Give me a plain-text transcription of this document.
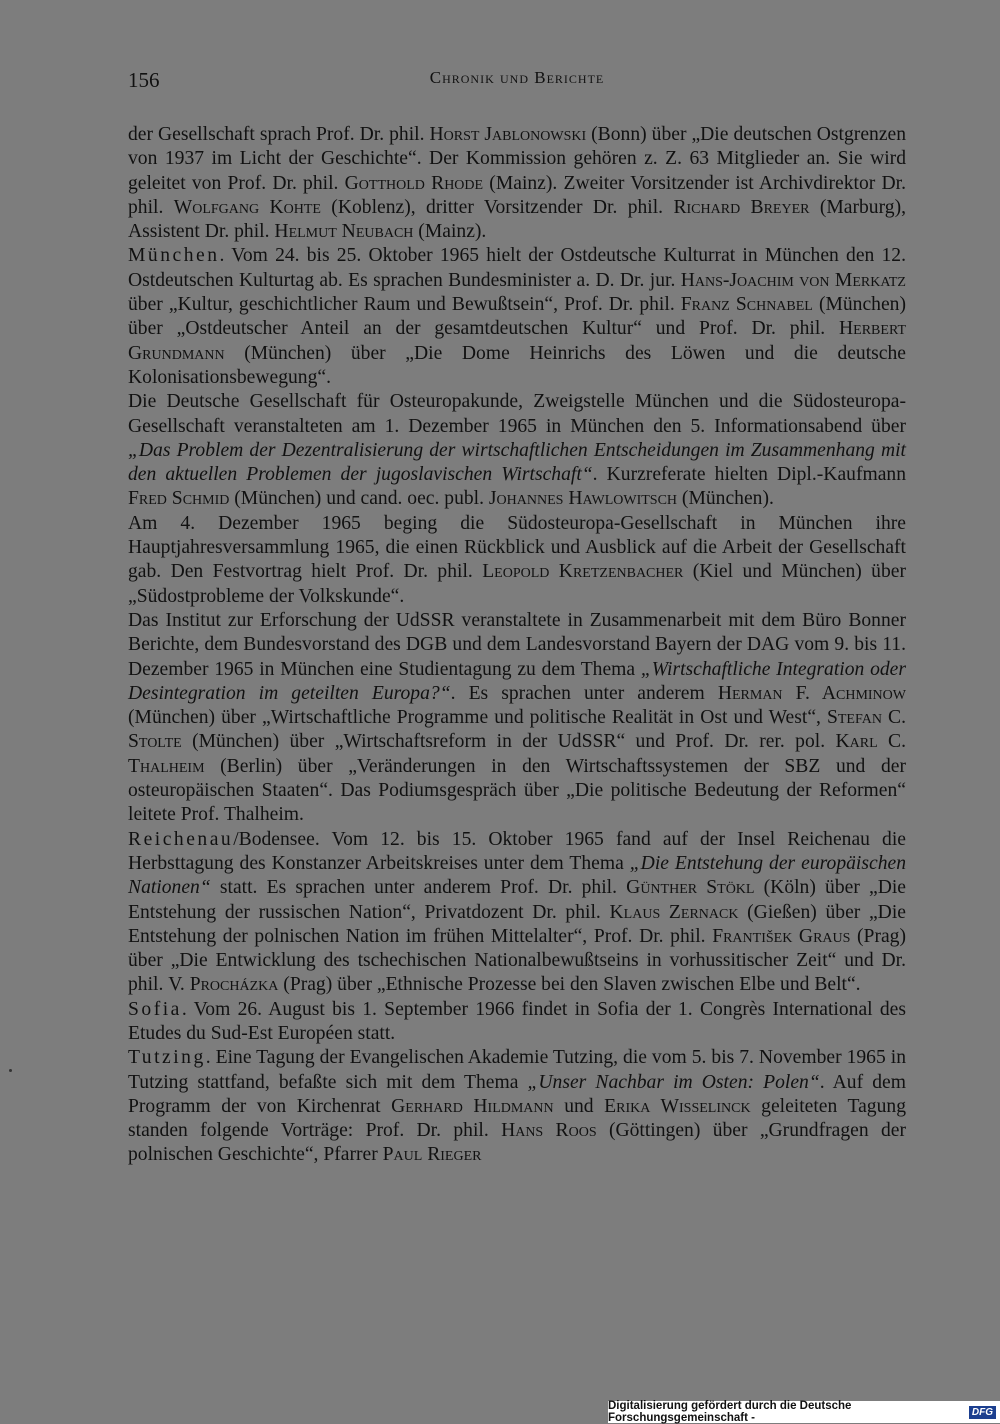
156	Chronik und Berichte

der Gesellschaft sprach Prof. Dr. phil. Horst Jablonowski (Bonn) über „Die deutschen Ostgrenzen von 1937 im Licht der Geschichte“. Der Kommission gehören z. Z. 63 Mitglieder an. Sie wird geleitet von Prof. Dr. phil. Gotthold Rhode (Mainz). Zweiter Vorsitzender ist Archivdirektor Dr. phil. Wolfgang Kohte (Koblenz), dritter Vorsitzender Dr. phil. Richard Breyer (Marburg), Assistent Dr. phil. Helmut Neubach (Mainz).

München. Vom 24. bis 25. Oktober 1965 hielt der Ostdeutsche Kulturrat in München den 12. Ostdeutschen Kulturtag ab. Es sprachen Bundesminister a. D. Dr. jur. Hans-Joachim von Merkatz über „Kultur, geschichtlicher Raum und Bewußtsein“, Prof. Dr. phil. Franz Schnabel (München) über „Ostdeutscher Anteil an der gesamtdeutschen Kultur“ und Prof. Dr. phil. Herbert Grundmann (München) über „Die Dome Heinrichs des Löwen und die deutsche Kolonisationsbewegung“.

Die Deutsche Gesellschaft für Osteuropakunde, Zweigstelle München und die Südosteuropa-Gesellschaft veranstalteten am 1. Dezember 1965 in München den 5. Informationsabend über „Das Problem der Dezentralisierung der wirtschaftlichen Entscheidungen im Zusammenhang mit den aktuellen Problemen der jugoslavischen Wirtschaft“. Kurzreferate hielten Dipl.-Kaufmann Fred Schmid (München) und cand. oec. publ. Johannes Hawlowitsch (München).

Am 4. Dezember 1965 beging die Südosteuropa-Gesellschaft in München ihre Hauptjahresversammlung 1965, die einen Rückblick und Ausblick auf die Arbeit der Gesellschaft gab. Den Festvortrag hielt Prof. Dr. phil. Leopold Kretzenbacher (Kiel und München) über „Südostprobleme der Volkskunde“.

Das Institut zur Erforschung der UdSSR veranstaltete in Zusammenarbeit mit dem Büro Bonner Berichte, dem Bundesvorstand des DGB und dem Landesvorstand Bayern der DAG vom 9. bis 11. Dezember 1965 in München eine Studientagung zu dem Thema „Wirtschaftliche Integration oder Desintegration im geteilten Europa?“. Es sprachen unter anderem Herman F. Achminow (München) über „Wirtschaftliche Programme und politische Realität in Ost und West“, Stefan C. Stolte (München) über „Wirtschaftsreform in der UdSSR“ und Prof. Dr. rer. pol. Karl C. Thalheim (Berlin) über „Veränderungen in den Wirtschaftssystemen der SBZ und der osteuropäischen Staaten“. Das Podiumsgespräch über „Die politische Bedeutung der Reformen“ leitete Prof. Thalheim.

Reichenau/Bodensee. Vom 12. bis 15. Oktober 1965 fand auf der Insel Reichenau die Herbsttagung des Konstanzer Arbeitskreises unter dem Thema „Die Entstehung der europäischen Nationen“ statt. Es sprachen unter anderem Prof. Dr. phil. Günther Stökl (Köln) über „Die Entstehung der russischen Nation“, Privatdozent Dr. phil. Klaus Zernack (Gießen) über „Die Entstehung der polnischen Nation im frühen Mittelalter“, Prof. Dr. phil. František Graus (Prag) über „Die Entwicklung des tschechischen Nationalbewußtseins in vorhussitischer Zeit“ und Dr. phil. V. Procházka (Prag) über „Ethnische Prozesse bei den Slaven zwischen Elbe und Belt“.

Sofia. Vom 26. August bis 1. September 1966 findet in Sofia der 1. Congrès International des Etudes du Sud-Est Européen statt.

Tutzing. Eine Tagung der Evangelischen Akademie Tutzing, die vom 5. bis 7. November 1965 in Tutzing stattfand, befaßte sich mit dem Thema „Unser Nachbar im Osten: Polen“. Auf dem Programm der von Kirchenrat Gerhard Hildmann und Erika Wisselinck geleiteten Tagung standen folgende Vorträge: Prof. Dr. phil. Hans Roos (Göttingen) über „Grundfragen der polnischen Geschichte“, Pfarrer Paul Rieger

Digitalisierung gefördert durch die Deutsche Forschungsgemeinschaft -	DFG
